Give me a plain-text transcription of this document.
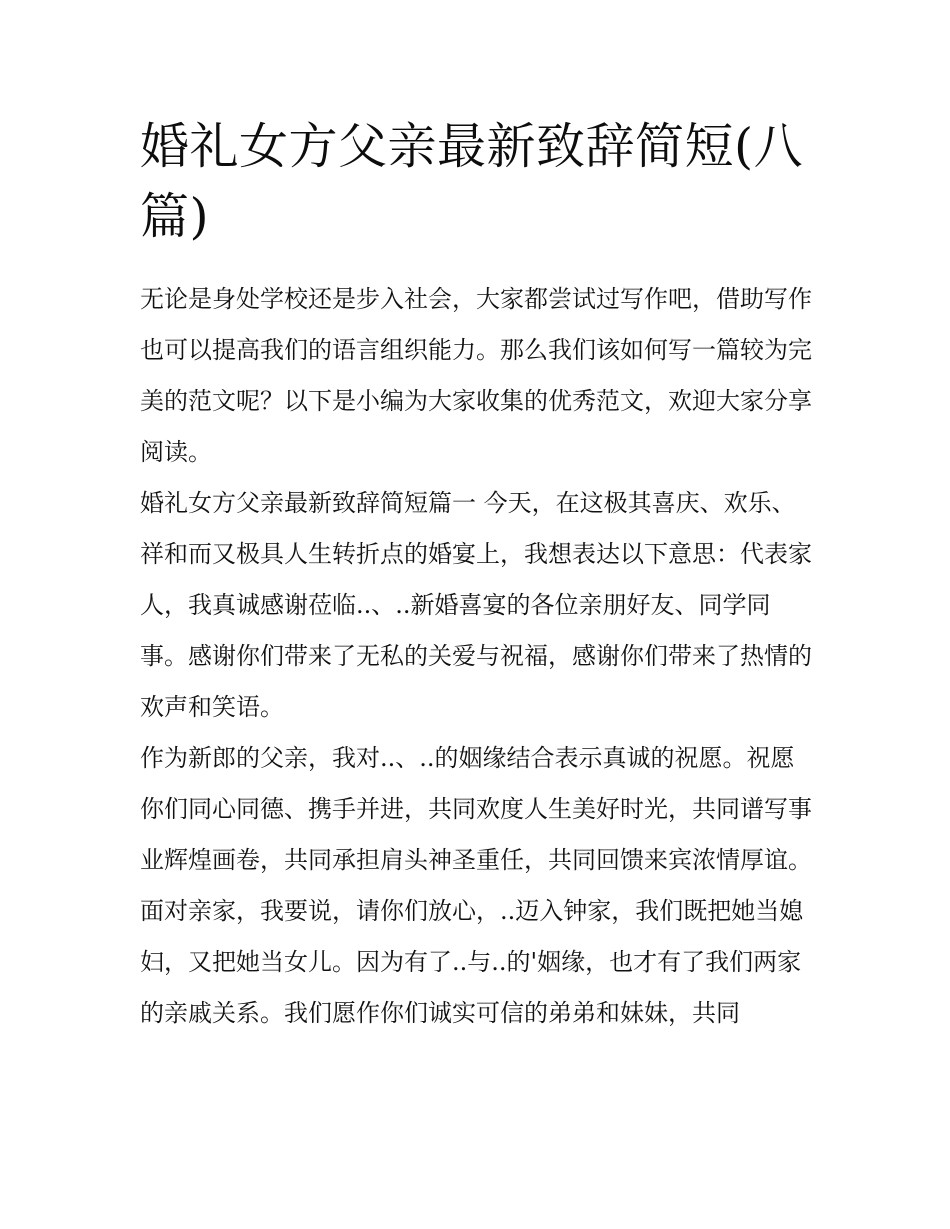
婚礼女方父亲最新致辞简短(八篇)

无论是身处学校还是步入社会，大家都尝试过写作吧，借助写作也可以提高我们的语言组织能力。那么我们该如何写一篇较为完美的范文呢？以下是小编为大家收集的优秀范文，欢迎大家分享阅读。

婚礼女方父亲最新致辞简短篇一 今天，在这极其喜庆、欢乐、祥和而又极具人生转折点的婚宴上，我想表达以下意思：代表家人，我真诚感谢莅临..、..新婚喜宴的各位亲朋好友、同学同事。感谢你们带来了无私的关爱与祝福，感谢你们带来了热情的欢声和笑语。

作为新郎的父亲，我对..、..的姻缘结合表示真诚的祝愿。祝愿你们同心同德、携手并进，共同欢度人生美好时光，共同谱写事业辉煌画卷，共同承担肩头神圣重任，共同回馈来宾浓情厚谊。

面对亲家，我要说，请你们放心，..迈入钟家，我们既把她当媳妇，又把她当女儿。因为有了..与..的'姻缘，也才有了我们两家的亲戚关系。我们愿作你们诚实可信的弟弟和妹妹，共同
